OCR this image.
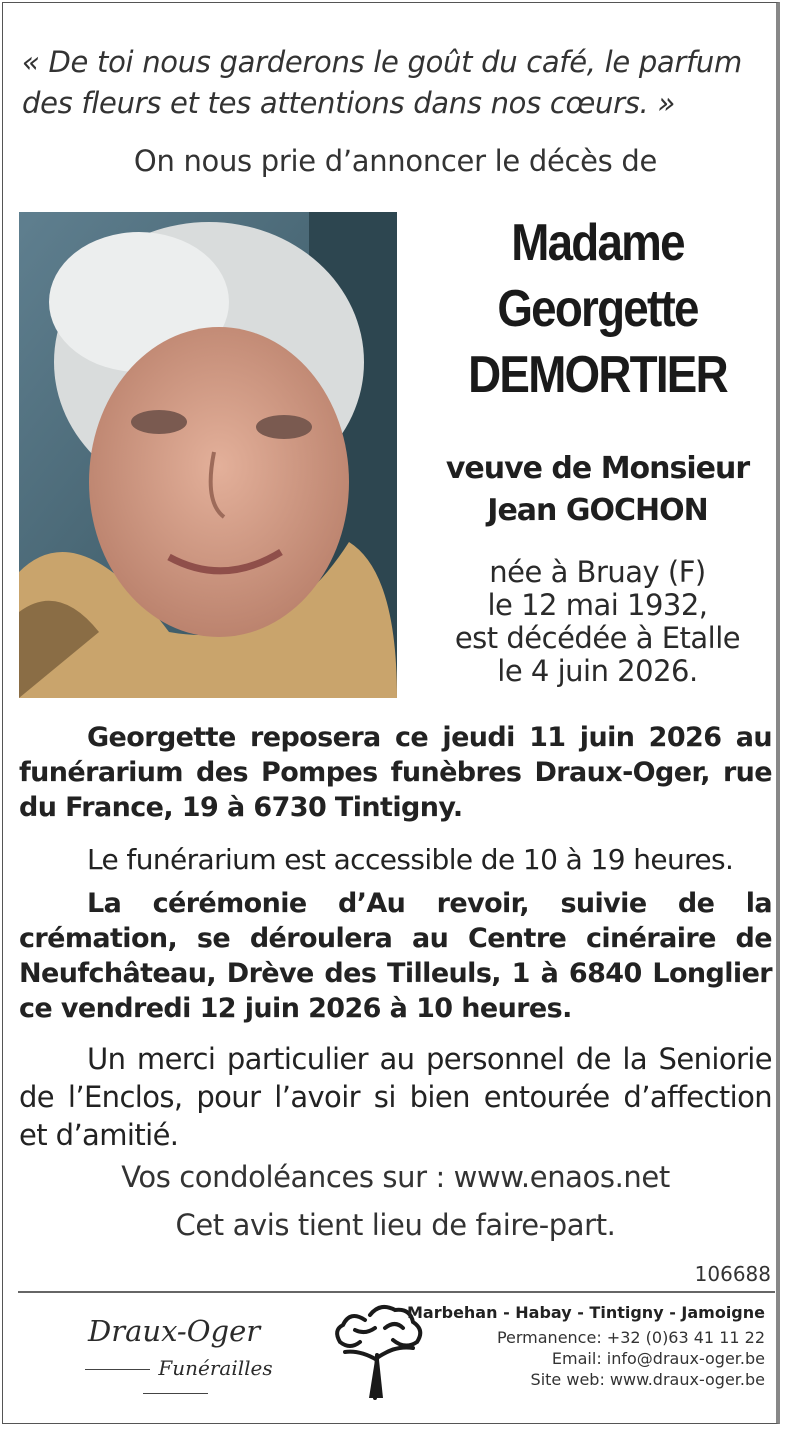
« De toi nous garderons le goût du café, le parfum des fleurs et tes attentions dans nos cœurs. »
On nous prie d’annoncer le décès de
Madame
Georgette
DEMORTIER
veuve de Monsieur
Jean GOCHON
née à Bruay (F)
le 12 mai 1932,
est décédée à Etalle
le 4 juin 2026.
Georgette reposera ce jeudi 11 juin 2026 au funérarium des Pompes funèbres Draux-Oger, rue du France, 19 à 6730 Tintigny.
Le funérarium est accessible de 10 à 19 heures.
La cérémonie d’Au revoir, suivie de la crémation, se déroulera au Centre cinéraire de Neufchâteau, Drève des Tilleuls, 1 à 6840 Longlier ce vendredi 12 juin 2026 à 10 heures.
Un merci particulier au personnel de la Seniorie de l’Enclos, pour l’avoir si bien entourée d’affection et d’amitié.
Vos condoléances sur : www.enaos.net
Cet avis tient lieu de faire-part.
106688
Draux-Oger
Funérailles
Marbehan - Habay - Tintigny - Jamoigne
Permanence: +32 (0)63 41 11 22
Email: info@draux-oger.be
Site web: www.draux-oger.be
